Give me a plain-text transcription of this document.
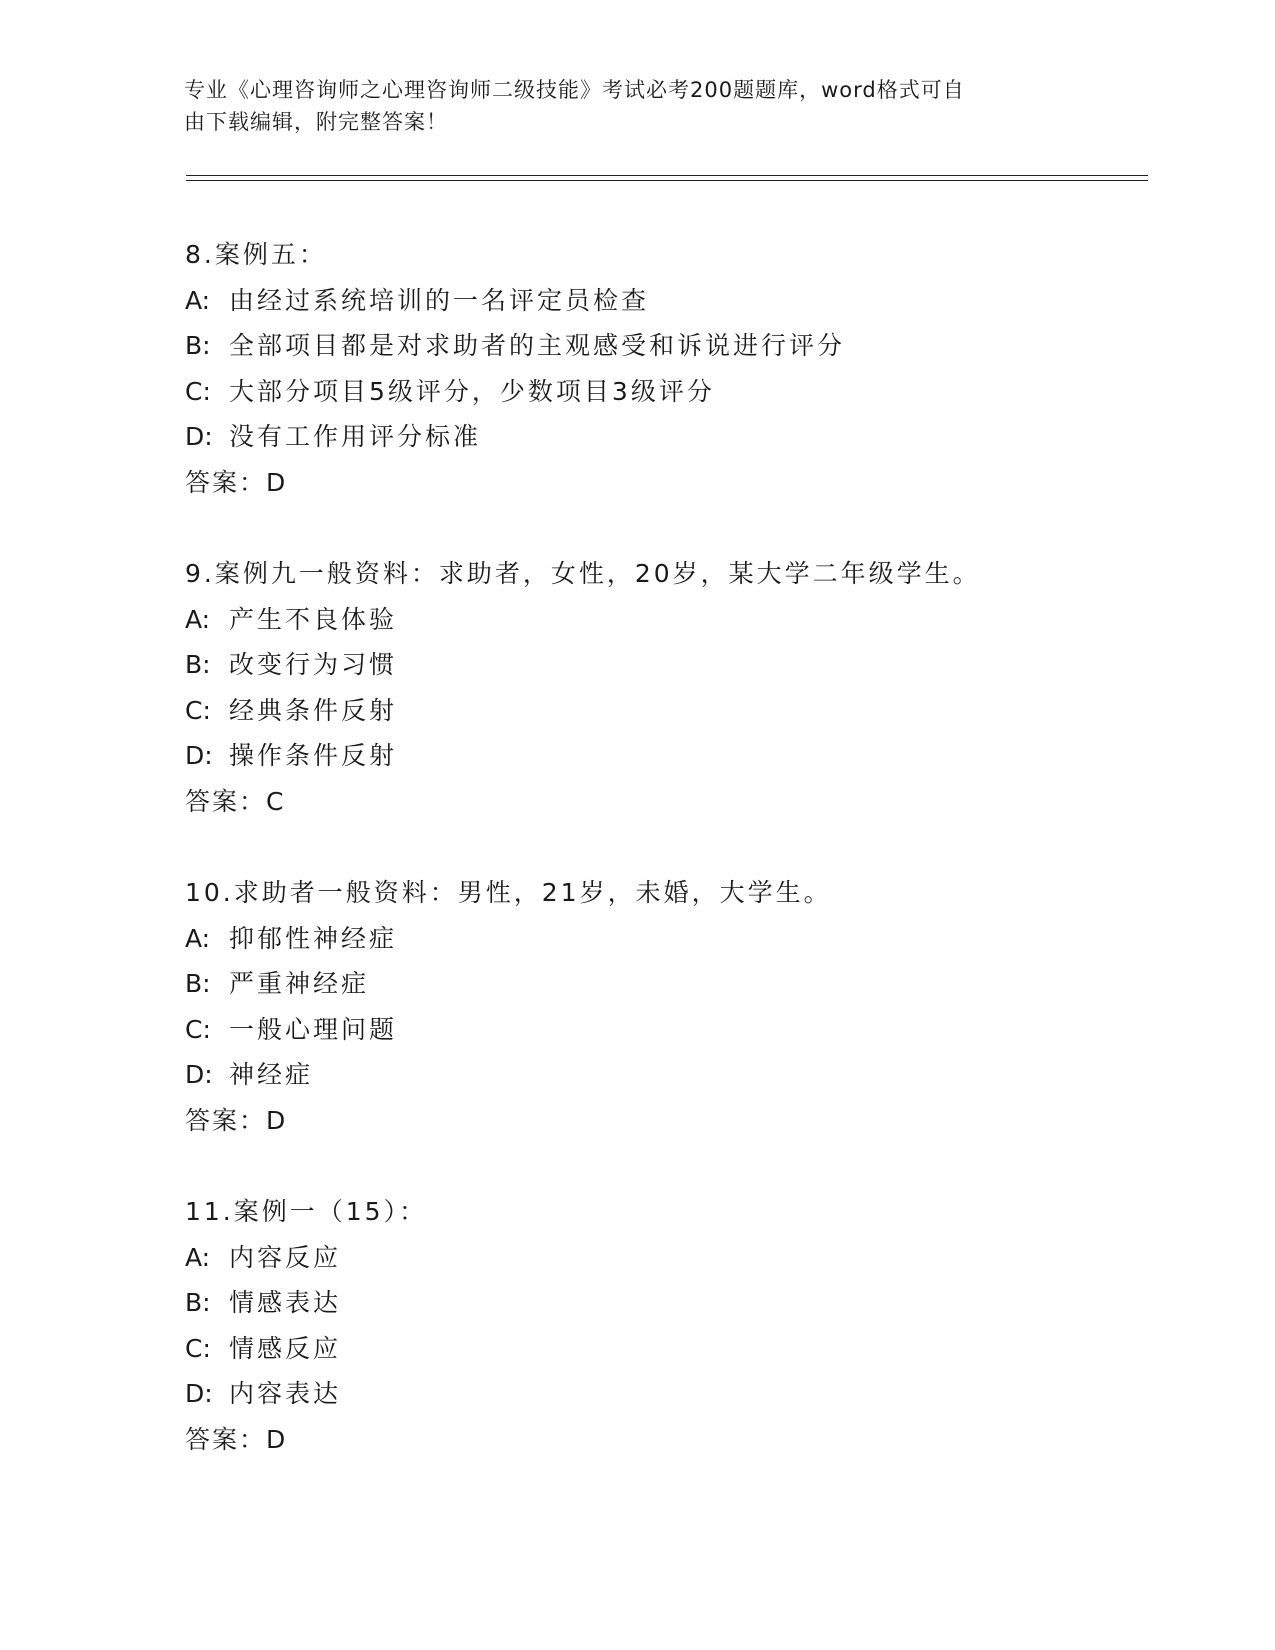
专业《心理咨询师之心理咨询师二级技能》考试必考200题题库，word格式可自
由下载编辑，附完整答案！
8.案例五：
A: 由经过系统培训的一名评定员检查
B: 全部项目都是对求助者的主观感受和诉说进行评分
C: 大部分项目5级评分，少数项目3级评分
D: 没有工作用评分标准
答案：D
9.案例九一般资料：求助者，女性，20岁，某大学二年级学生。
A: 产生不良体验
B: 改变行为习惯
C: 经典条件反射
D: 操作条件反射
答案：C
10.求助者一般资料：男性，21岁，未婚，大学生。
A: 抑郁性神经症
B: 严重神经症
C: 一般心理问题
D: 神经症
答案：D
11.案例一（15）：
A: 内容反应
B: 情感表达
C: 情感反应
D: 内容表达
答案：D
